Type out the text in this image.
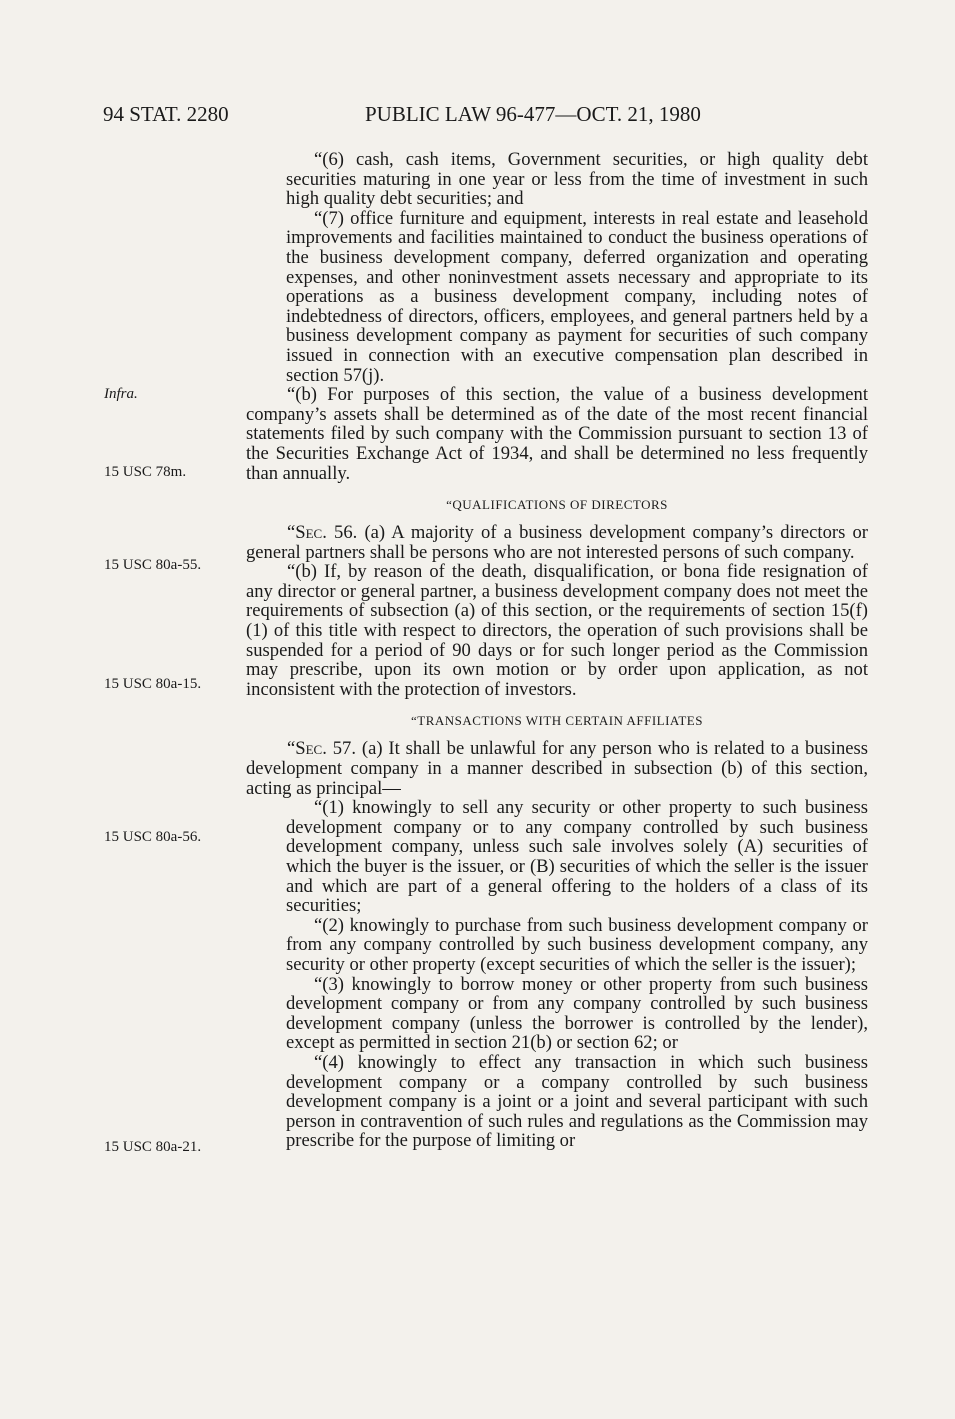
94 STAT. 2280	PUBLIC LAW 96-477—OCT. 21, 1980
Infra.
15 USC 78m.
15 USC 80a-55.
15 USC 80a-15.
15 USC 80a-56.
15 USC 80a-21.

“(6) cash, cash items, Government securities, or high quality debt securities maturing in one year or less from the time of investment in such high quality debt securities; and

“(7) office furniture and equipment, interests in real estate and leasehold improvements and facilities maintained to conduct the business operations of the business development company, deferred organization and operating expenses, and other noninvestment assets necessary and appropriate to its operations as a business development company, including notes of indebtedness of directors, officers, employees, and general partners held by a business development company as payment for securities of such company issued in connection with an executive compensation plan described in section 57(j).

“(b) For purposes of this section, the value of a business development company’s assets shall be determined as of the date of the most recent financial statements filed by such company with the Commission pursuant to section 13 of the Securities Exchange Act of 1934, and shall be determined no less frequently than annually.

“QUALIFICATIONS OF DIRECTORS

“Sec. 56. (a) A majority of a business development company’s directors or general partners shall be persons who are not interested persons of such company.

“(b) If, by reason of the death, disqualification, or bona fide resignation of any director or general partner, a business development company does not meet the requirements of subsection (a) of this section, or the requirements of section 15(f)(1) of this title with respect to directors, the operation of such provisions shall be suspended for a period of 90 days or for such longer period as the Commission may prescribe, upon its own motion or by order upon application, as not inconsistent with the protection of investors.

“TRANSACTIONS WITH CERTAIN AFFILIATES

“Sec. 57. (a) It shall be unlawful for any person who is related to a business development company in a manner described in subsection (b) of this section, acting as principal—

“(1) knowingly to sell any security or other property to such business development company or to any company controlled by such business development company, unless such sale involves solely (A) securities of which the buyer is the issuer, or (B) securities of which the seller is the issuer and which are part of a general offering to the holders of a class of its securities;

“(2) knowingly to purchase from such business development company or from any company controlled by such business development company, any security or other property (except securities of which the seller is the issuer);

“(3) knowingly to borrow money or other property from such business development company or from any company controlled by such business development company (unless the borrower is controlled by the lender), except as permitted in section 21(b) or section 62; or

“(4) knowingly to effect any transaction in which such business development company or a company controlled by such business development company is a joint or a joint and several participant with such person in contravention of such rules and regulations as the Commission may prescribe for the purpose of limiting or
